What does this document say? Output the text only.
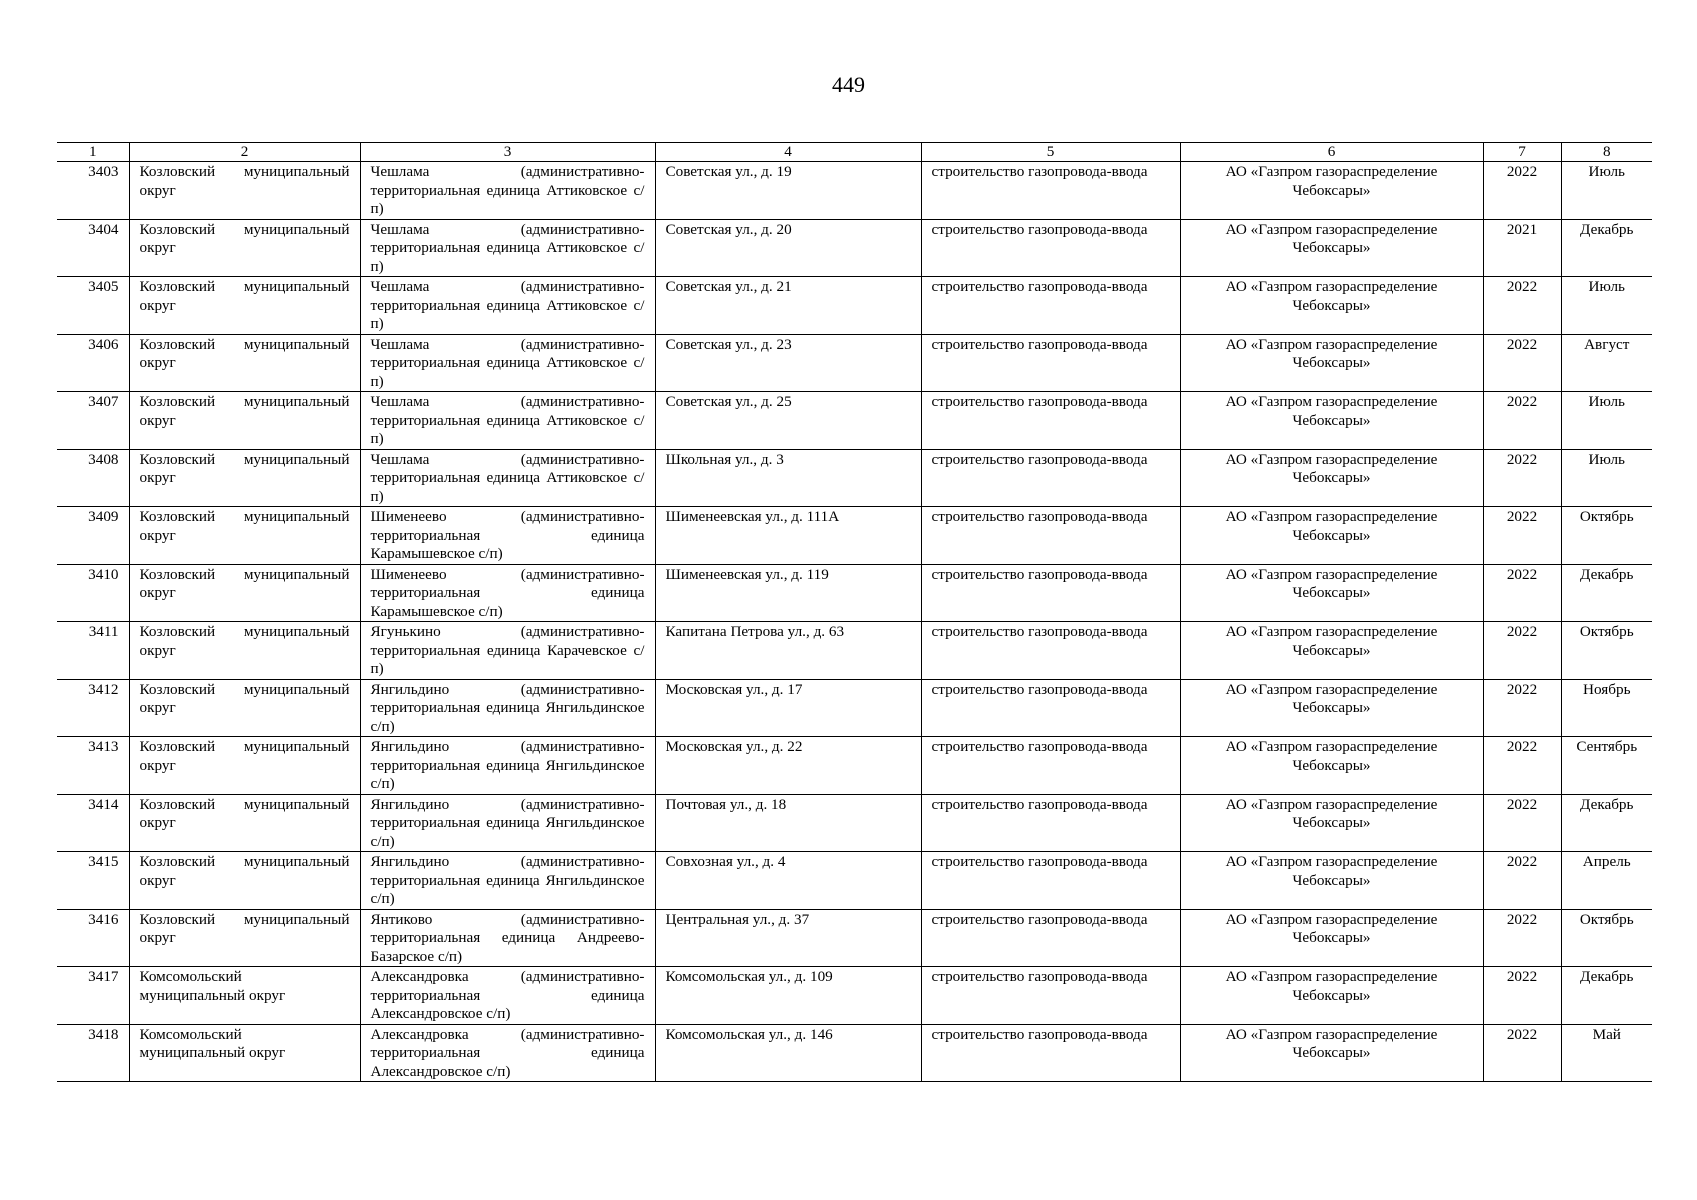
449
1	2	3	4	5	6	7	8
3403	Козловский муниципальный округ	Чешлама (административно-территориальная единица Аттиковское с/п)	Советская ул., д. 19	строительство газопровода-ввода	АО «Газпром газораспределение Чебоксары»	2022	Июль
3404	Козловский муниципальный округ	Чешлама (административно-территориальная единица Аттиковское с/п)	Советская ул., д. 20	строительство газопровода-ввода	АО «Газпром газораспределение Чебоксары»	2021	Декабрь
3405	Козловский муниципальный округ	Чешлама (административно-территориальная единица Аттиковское с/п)	Советская ул., д. 21	строительство газопровода-ввода	АО «Газпром газораспределение Чебоксары»	2022	Июль
3406	Козловский муниципальный округ	Чешлама (административно-территориальная единица Аттиковское с/п)	Советская ул., д. 23	строительство газопровода-ввода	АО «Газпром газораспределение Чебоксары»	2022	Август
3407	Козловский муниципальный округ	Чешлама (административно-территориальная единица Аттиковское с/п)	Советская ул., д. 25	строительство газопровода-ввода	АО «Газпром газораспределение Чебоксары»	2022	Июль
3408	Козловский муниципальный округ	Чешлама (административно-территориальная единица Аттиковское с/п)	Школьная ул., д. 3	строительство газопровода-ввода	АО «Газпром газораспределение Чебоксары»	2022	Июль
3409	Козловский муниципальный округ	Шименеево (административно-территориальная единица Карамышевское с/п)	Шименеевская ул., д. 111А	строительство газопровода-ввода	АО «Газпром газораспределение Чебоксары»	2022	Октябрь
3410	Козловский муниципальный округ	Шименеево (административно-территориальная единица Карамышевское с/п)	Шименеевская ул., д. 119	строительство газопровода-ввода	АО «Газпром газораспределение Чебоксары»	2022	Декабрь
3411	Козловский муниципальный округ	Ягунькино (административно-территориальная единица Карачевское с/п)	Капитана Петрова ул., д. 63	строительство газопровода-ввода	АО «Газпром газораспределение Чебоксары»	2022	Октябрь
3412	Козловский муниципальный округ	Янгильдино (административно-территориальная единица Янгильдинское с/п)	Московская ул., д. 17	строительство газопровода-ввода	АО «Газпром газораспределение Чебоксары»	2022	Ноябрь
3413	Козловский муниципальный округ	Янгильдино (административно-территориальная единица Янгильдинское с/п)	Московская ул., д. 22	строительство газопровода-ввода	АО «Газпром газораспределение Чебоксары»	2022	Сентябрь
3414	Козловский муниципальный округ	Янгильдино (административно-территориальная единица Янгильдинское с/п)	Почтовая ул., д. 18	строительство газопровода-ввода	АО «Газпром газораспределение Чебоксары»	2022	Декабрь
3415	Козловский муниципальный округ	Янгильдино (административно-территориальная единица Янгильдинское с/п)	Совхозная ул., д. 4	строительство газопровода-ввода	АО «Газпром газораспределение Чебоксары»	2022	Апрель
3416	Козловский муниципальный округ	Янтиково (административно-территориальная единица Андреево-Базарское с/п)	Центральная ул., д. 37	строительство газопровода-ввода	АО «Газпром газораспределение Чебоксары»	2022	Октябрь
3417	Комсомольский муниципальный округ	Александровка (административно-территориальная единица Александровское с/п)	Комсомольская ул., д. 109	строительство газопровода-ввода	АО «Газпром газораспределение Чебоксары»	2022	Декабрь
3418	Комсомольский муниципальный округ	Александровка (административно-территориальная единица Александровское с/п)	Комсомольская ул., д. 146	строительство газопровода-ввода	АО «Газпром газораспределение Чебоксары»	2022	Май
